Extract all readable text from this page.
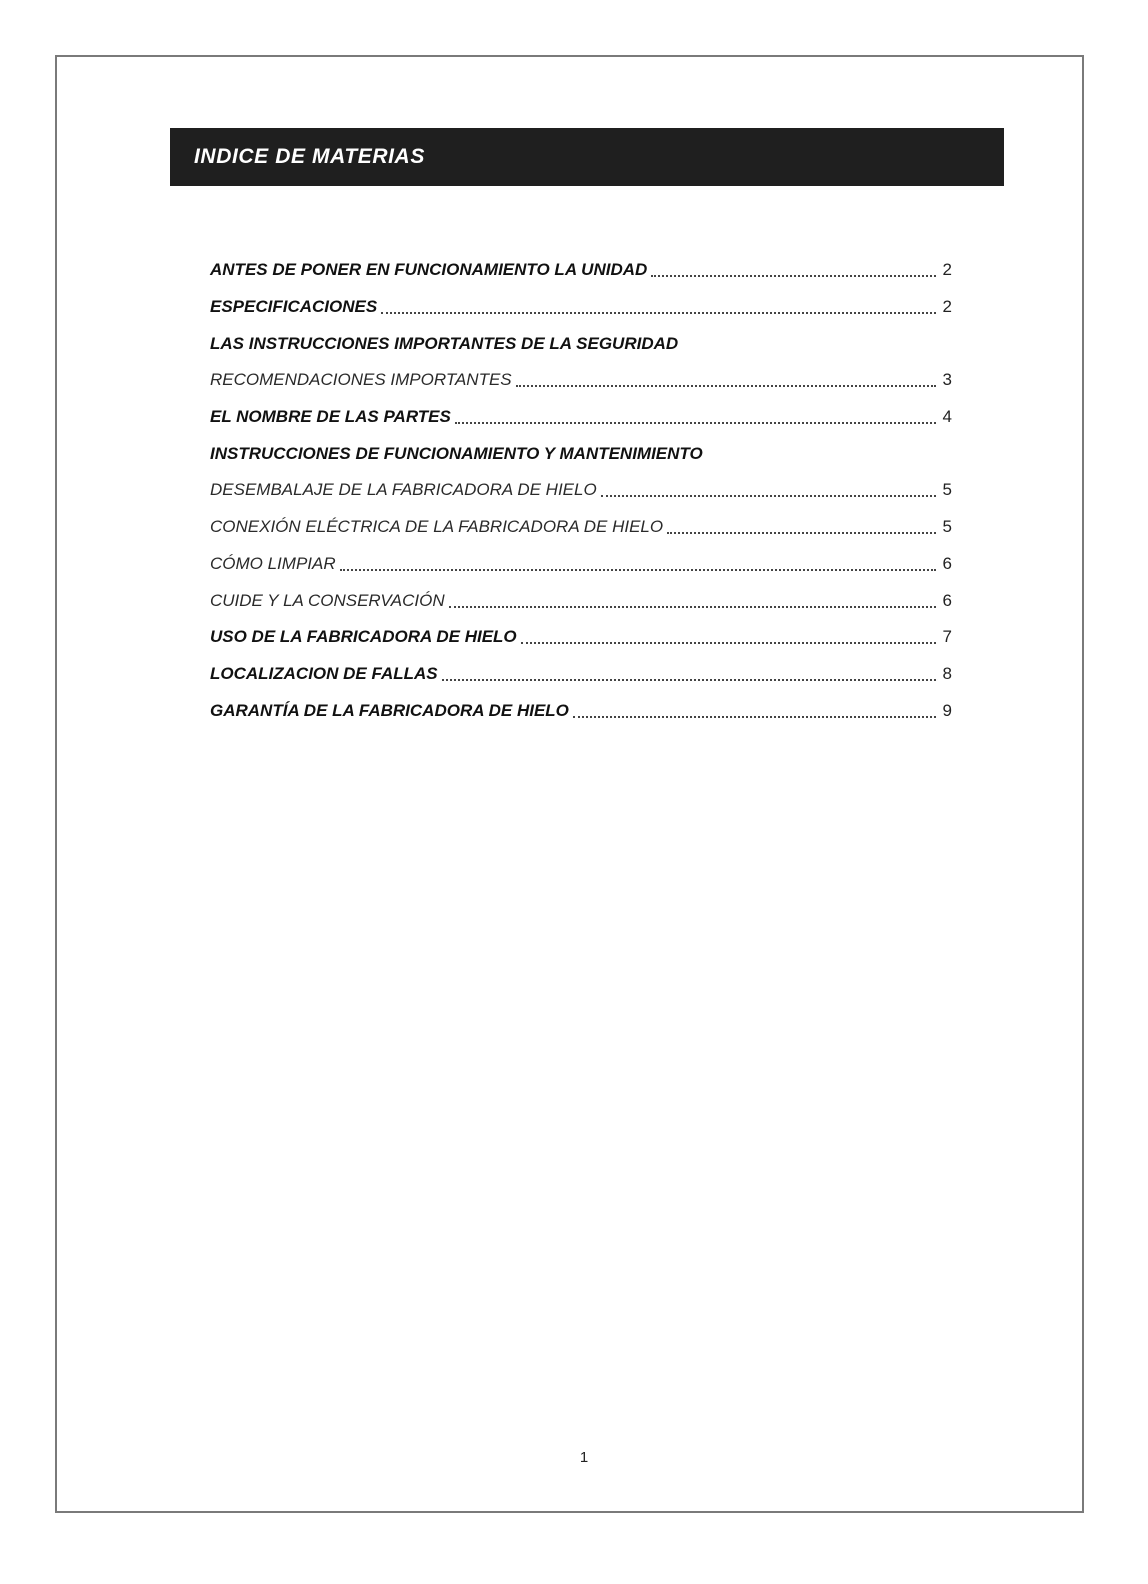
INDICE DE MATERIAS
ANTES DE PONER EN FUNCIONAMIENTO LA UNIDAD	2
ESPECIFICACIONES	2
LAS INSTRUCCIONES IMPORTANTES DE LA SEGURIDAD
RECOMENDACIONES IMPORTANTES	3
EL NOMBRE DE LAS PARTES	4
INSTRUCCIONES DE FUNCIONAMIENTO Y MANTENIMIENTO
DESEMBALAJE DE LA FABRICADORA DE HIELO	5
CONEXIÓN ELÉCTRICA DE LA FABRICADORA DE HIELO	5
CÓMO LIMPIAR	6
CUIDE Y LA CONSERVACIÓN	6
USO DE LA FABRICADORA DE HIELO	7
LOCALIZACION DE FALLAS	8
GARANTÍA DE LA FABRICADORA DE HIELO	9
1
